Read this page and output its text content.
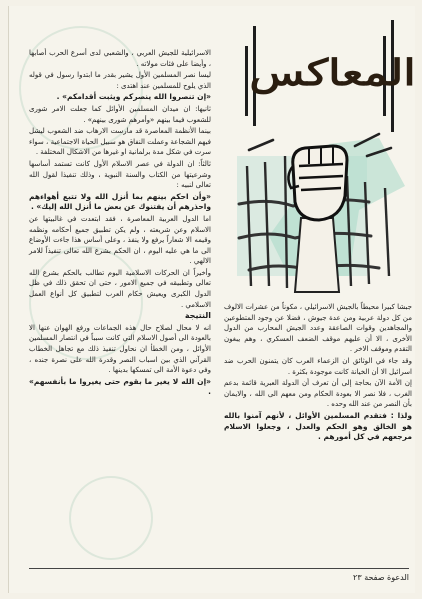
المعاكس

الاسرائيلية للجيش العربي ، والشعبي لدى أسرع الحرب أصابها ، وأيضا على فئات مولاته .

ليسا نصر المسلمين الأول يشير بقدر ما ابتدوا رسول في قوله الذي يلوح للمسلمين عند اهتدى :

«إن تنصروا الله ينصركم ويثبت أقدامكم» .

ثانيها: ان ميدان المسلمين الأوائل كما جعلت الامر شورى للشعوب فيما بينهم «وأمرهم شورى بينهم» .

بينما الأنظمة المعاصرة قد مارست الارهاب ضد الشعوب ليشل فيهم الشجاعة وعملت النفاق هو سبيل الحياة الاجتماعية ، سواء سرت في شكل مدة برلمانية او غيرها من الاشكال المختلفة .

ثالثاً: ان الدولة في عصر الاسلام الأول كانت تستمد أساسها وشرعيتها من الكتاب والسنة النبوية ، وذلك تنفيذا لقول الله تعالى لنبيه :

«وأن احكم بينهم بما أنزل الله ولا تتبع أهواءهم واحذرهم أن يفتنوك عن بعض ما أنزل الله إليك» .

اما الدول العربية المعاصرة ، فقد ابتعدت في غالبيتها عن الاسلام وعن شريعته ، ولم يكن تطبيق جميع أحكامه ونظمه وقيمه الا شعاراً يرفع ولا ينفذ ، وعلى أساس هذا جاءت الأوضاع الى ما هي عليه اليوم ، ان الحكم بشرع الله تعالى تنفيذاً للامر الالهي .

وأخيراً ان الحركات الاسلامية اليوم تطالب بالحكم بشرع الله تعالى وتطبيقه في جميع الامور ، حتى ان تحقق ذلك في ظل الدول الكبرى ويعيش حكام العرب لتطبيق كل أنواع العمل الاسلامي .

النتيجة

انه لا محال لصلاح حال هذه الجماعات ورفع الهوان عنها الا بالعودة الى أصول الاسلام التي كانت سبباً في انتصار المسلمين الأوائل ، ومن الخطأ ان نحاول تنفيذ ذلك مع تجاهل الخطاب القرآني الذي بين اسباب النصر وقدرة الله على نصرة جنده ، وفي دعوة الأمة الى تمسكها بدينها .

«إن الله لا يغير ما بقوم حتى يغيروا ما بأنفسهم» .

جبشا كبيرا محيطاً بالجيش الاسرائيلي ، مكوناً من عشرات الالوف من كل دولة عربية ومن عدة جيوش ، فضلا عن وجود المتطوعين والمجاهدين وقوات الصاعقة وعدد الجيش المحارب من الدول الأخرى ، الا أن عليهم موقف الضعف العسكري ، وهم يبغون التقدم وموقف الاخر .

وقد جاء في الوثائق ان الزعماء العرب كان يتمنون الحرب ضد اسرائيل الا أن الخيانة كانت موجودة بكثرة .

إن الأمة الآن بحاجة إلى أن تعرف أن الدولة العبرية قائمة بدعم الغرب ، فلا نصر الا بعودة الحكام ومن معهم الى الله ، والايمان بأن النصر من عند الله وحده .

ولذا : فتقدم المسلمين الأوائل ، لأنهم آمنوا بالله هو الخالق وهو الحكم والعدل ، وجعلوا الاسلام مرجعهم في كل أمورهم .

الدعوة صفحة ٢٣
